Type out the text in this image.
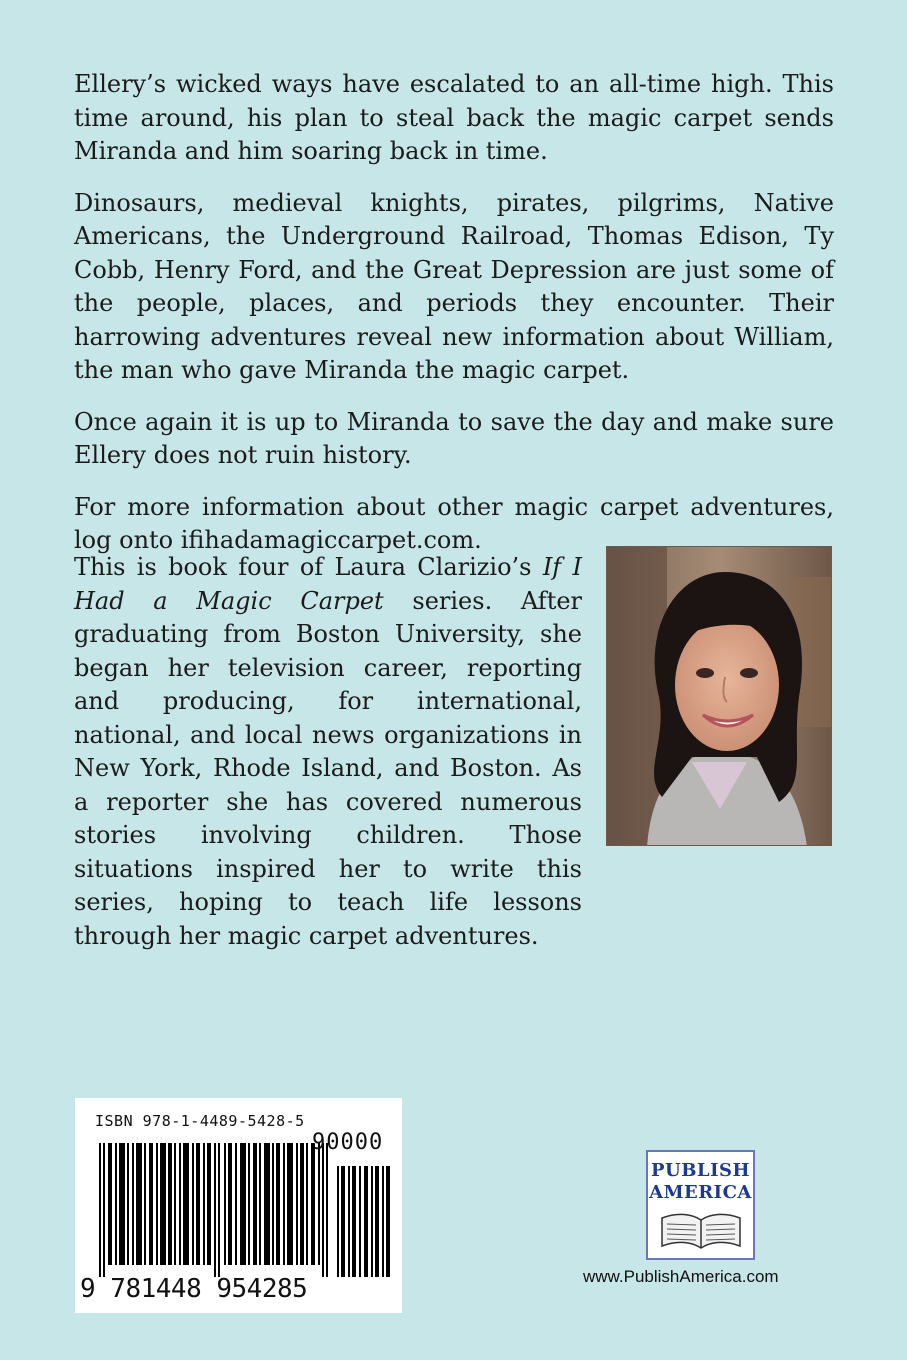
Ellery’s wicked ways have escalated to an all-time high. This time around, his plan to steal back the magic carpet sends Miranda and him soaring back in time.

Dinosaurs, medieval knights, pirates, pilgrims, Native Americans, the Underground Railroad, Thomas Edison, Ty Cobb, Henry Ford, and the Great Depression are just some of the people, places, and periods they encounter. Their harrowing adventures reveal new information about William, the man who gave Miranda the magic carpet.

Once again it is up to Miranda to save the day and make sure Ellery does not ruin history.

For more information about other magic carpet adventures, log onto ifihadamagiccarpet.com.

This is book four of Laura Clarizio’s If I Had a Magic Carpet series. After graduating from Boston University, she began her television career, reporting and producing, for international, national, and local news organizations in New York, Rhode Island, and Boston. As a reporter she has covered numerous stories involving children. Those situations inspired her to write this series, hoping to teach life lessons through her magic carpet adventures.

ISBN 978-1-4489-5428-5
90000
9 781448 954285
PUBLISH
AMERICA
www.PublishAmerica.com
